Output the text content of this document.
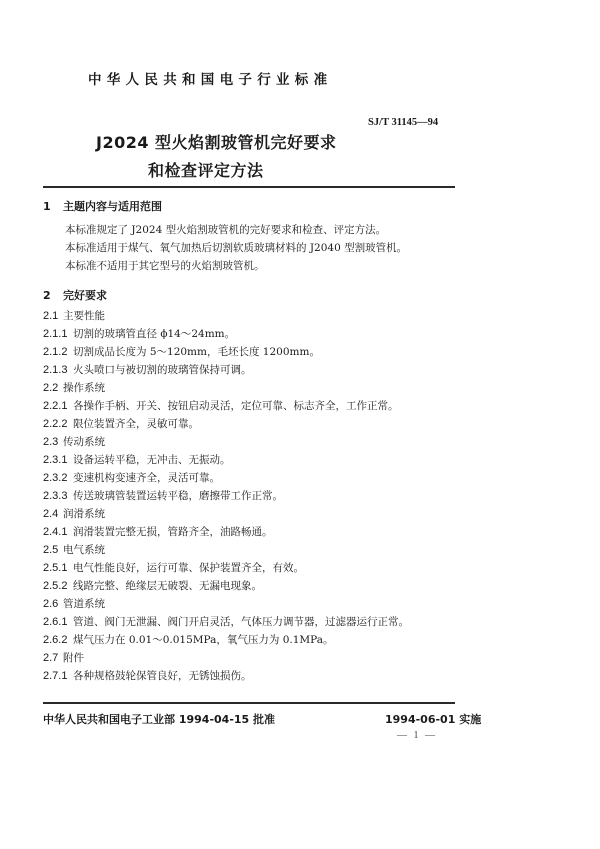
中华人民共和国电子行业标准
SJ/T 31145—94
J2024 型火焰割玻管机完好要求
和检查评定方法
1 主题内容与适用范围
本标准规定了 J2024 型火焰割玻管机的完好要求和检查、评定方法。
本标准适用于煤气、氧气加热后切割软质玻璃材料的 J2040 型割玻管机。
本标准不适用于其它型号的火焰割玻管机。
2 完好要求
2.1 主要性能
2.1.1 切割的玻璃管直径 ϕ14～24mm。
2.1.2 切割成品长度为 5～120mm，毛坯长度 1200mm。
2.1.3 火头喷口与被切割的玻璃管保持可调。
2.2 操作系统
2.2.1 各操作手柄、开关、按钮启动灵活，定位可靠、标志齐全，工作正常。
2.2.2 限位装置齐全，灵敏可靠。
2.3 传动系统
2.3.1 设备运转平稳，无冲击、无振动。
2.3.2 变速机构变速齐全，灵活可靠。
2.3.3 传送玻璃管装置运转平稳，磨擦带工作正常。
2.4 润滑系统
2.4.1 润滑装置完整无损，管路齐全，油路畅通。
2.5 电气系统
2.5.1 电气性能良好，运行可靠、保护装置齐全，有效。
2.5.2 线路完整、绝缘层无破裂、无漏电现象。
2.6 管道系统
2.6.1 管道、阀门无泄漏、阀门开启灵活，气体压力调节器，过滤器运行正常。
2.6.2 煤气压力在 0.01～0.015MPa，氧气压力为 0.1MPa。
2.7 附件
2.7.1 各种规格鼓轮保管良好，无锈蚀损伤。
中华人民共和国电子工业部 1994-04-15 批准	1994-06-01 实施
— 1 —
